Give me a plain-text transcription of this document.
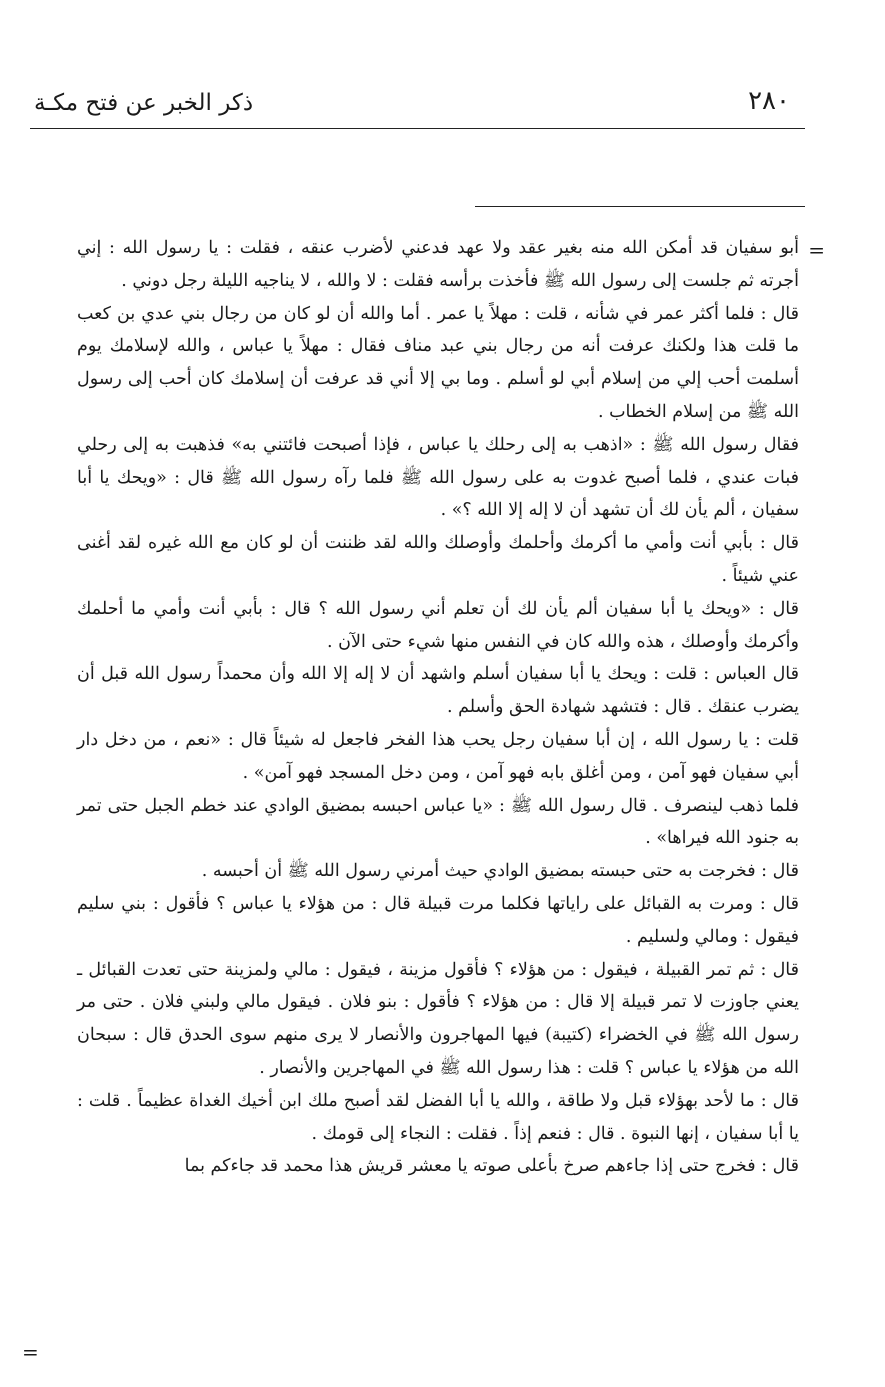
٢٨٠
ذكر الخبر عن فتح مكـة
=

أبو سفيان قد أمكن الله منه بغير عقد ولا عهد فدعني لأضرب عنقه ، فقلت : يا رسول الله : إني أجرته ثم جلست إلى رسول الله ﷺ فأخذت برأسه فقلت : لا والله ، لا يناجيه الليلة رجل دوني .

قال : فلما أكثر عمر في شأنه ، قلت : مهلاً يا عمر . أما والله أن لو كان من رجال بني عدي بن كعب ما قلت هذا ولكنك عرفت أنه من رجال بني عبد مناف فقال : مهلاً يا عباس ، والله لإسلامك يوم أسلمت أحب إلي من إسلام أبي لو أسلم . وما بي إلا أني قد عرفت أن إسلامك كان أحب إلى رسول الله ﷺ من إسلام الخطاب .

فقال رسول الله ﷺ : «اذهب به إلى رحلك يا عباس ، فإذا أصبحت فائتني به» فذهبت به إلى رحلي فبات عندي ، فلما أصبح غدوت به على رسول الله ﷺ فلما رآه رسول الله ﷺ قال : «ويحك يا أبا سفيان ، ألم يأن لك أن تشهد أن لا إله إلا الله ؟» .

قال : بأبي أنت وأمي ما أكرمك وأحلمك وأوصلك والله لقد ظننت أن لو كان مع الله غيره لقد أغنى عني شيئاً .

قال : «ويحك يا أبا سفيان ألم يأن لك أن تعلم أني رسول الله ؟ قال : بأبي أنت وأمي ما أحلمك وأكرمك وأوصلك ، هذه والله كان في النفس منها شيء حتى الآن .

قال العباس : قلت : ويحك يا أبا سفيان أسلم واشهد أن لا إله إلا الله وأن محمداً رسول الله قبل أن يضرب عنقك . قال : فتشهد شهادة الحق وأسلم .

قلت : يا رسول الله ، إن أبا سفيان رجل يحب هذا الفخر فاجعل له شيئاً قال : «نعم ، من دخل دار أبي سفيان فهو آمن ، ومن أغلق بابه فهو آمن ، ومن دخل المسجد فهو آمن» .

فلما ذهب لينصرف . قال رسول الله ﷺ : «يا عباس احبسه بمضيق الوادي عند خطم الجبل حتى تمر به جنود الله فيراها» .

قال : فخرجت به حتى حبسته بمضيق الوادي حيث أمرني رسول الله ﷺ أن أحبسه .

قال : ومرت به القبائل على راياتها فكلما مرت قبيلة قال : من هؤلاء يا عباس ؟ فأقول : بني سليم فيقول : ومالي ولسليم .

قال : ثم تمر القبيلة ، فيقول : من هؤلاء ؟ فأقول مزينة ، فيقول : مالي ولمزينة حتى تعدت القبائل ـ يعني جاوزت لا تمر قبيلة إلا قال : من هؤلاء ؟ فأقول : بنو فلان . فيقول مالي ولبني فلان . حتى مر رسول الله ﷺ في الخضراء (كتيبة) فيها المهاجرون والأنصار لا يرى منهم سوى الحدق قال : سبحان الله من هؤلاء يا عباس ؟ قلت : هذا رسول الله ﷺ في المهاجرين والأنصار .

قال : ما لأحد بهؤلاء قبل ولا طاقة ، والله يا أبا الفضل لقد أصبح ملك ابن أخيك الغداة عظيماً . قلت : يا أبا سفيان ، إنها النبوة . قال : فنعم إذاً . فقلت : النجاء إلى قومك .

قال : فخرج حتى إذا جاءهم صرخ بأعلى صوته يا معشر قريش هذا محمد قد جاءكم بما

=
